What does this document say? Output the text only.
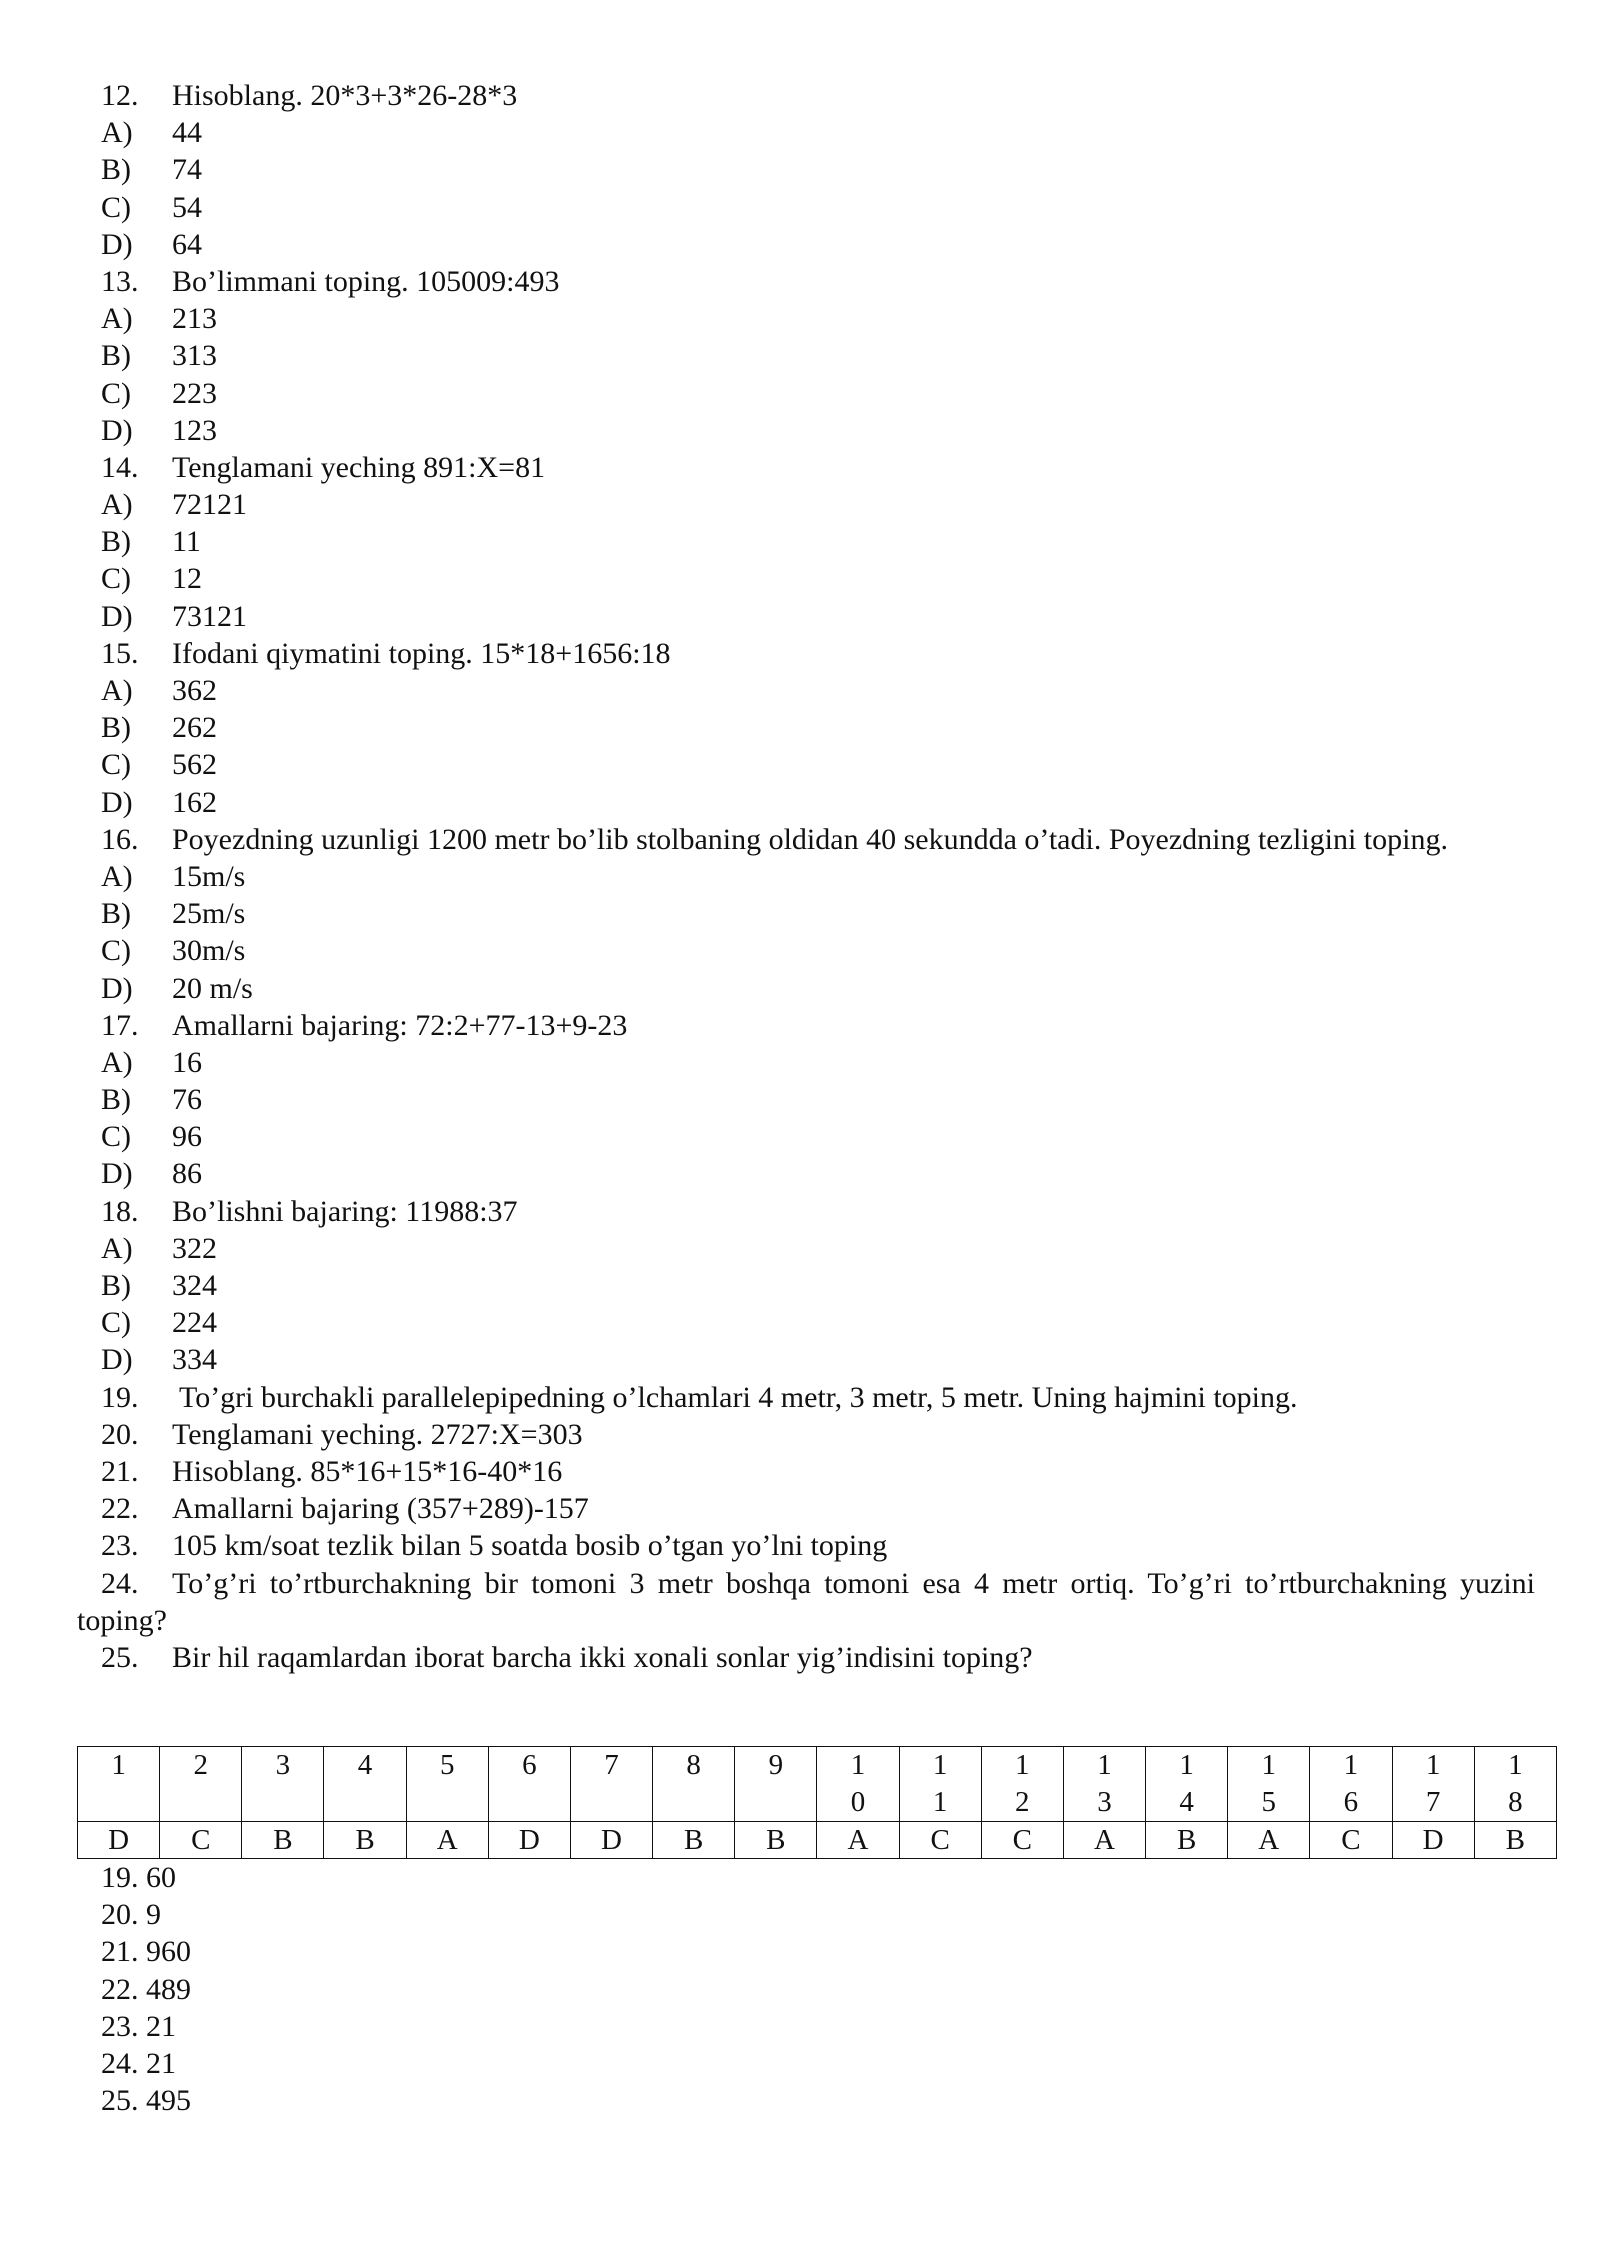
12. Hisoblang. 20*3+3*26-28*3
A) 44
B) 74
C) 54
D) 64
13. Bo’limmani toping. 105009:493
A) 213
B) 313
C) 223
D) 123
14. Tenglamani yeching 891:X=81
A) 72121
B) 11
C) 12
D) 73121
15. Ifodani qiymatini toping. 15*18+1656:18
A) 362
B) 262
C) 562
D) 162
16. Poyezdning uzunligi 1200 metr bo’lib stolbaning oldidan 40 sekundda o’tadi. Poyezdning tezligini toping.
A) 15m/s
B) 25m/s
C) 30m/s
D) 20 m/s
17. Amallarni bajaring: 72:2+77-13+9-23
A) 16
B) 76
C) 96
D) 86
18. Bo’lishni bajaring: 11988:37
A) 322
B) 324
C) 224
D) 334
19. To’gri burchakli parallelepipedning o’lchamlari 4 metr, 3 metr, 5 metr. Uning hajmini toping.
20. Tenglamani yeching. 2727:X=303
21. Hisoblang. 85*16+15*16-40*16
22. Amallarni bajaring (357+289)-157
23. 105 km/soat tezlik bilan 5 soatda bosib o’tgan yo’lni toping
24. To’g’ri to’rtburchakning bir tomoni 3 metr boshqa tomoni esa 4 metr ortiq. To’g’ri to’rtburchakning yuzini toping?
25. Bir hil raqamlardan iborat barcha ikki xonali sonlar yig’indisini toping?
1	2	3	4	5	6	7	8	9	10	11	12	13	14	15	16	17	18

D	C	B	B	A	D	D	B	B	A	C	C	A	B	A	C	D	B
19. 60
20. 9
21. 960
22. 489
23. 21
24. 21
25. 495
